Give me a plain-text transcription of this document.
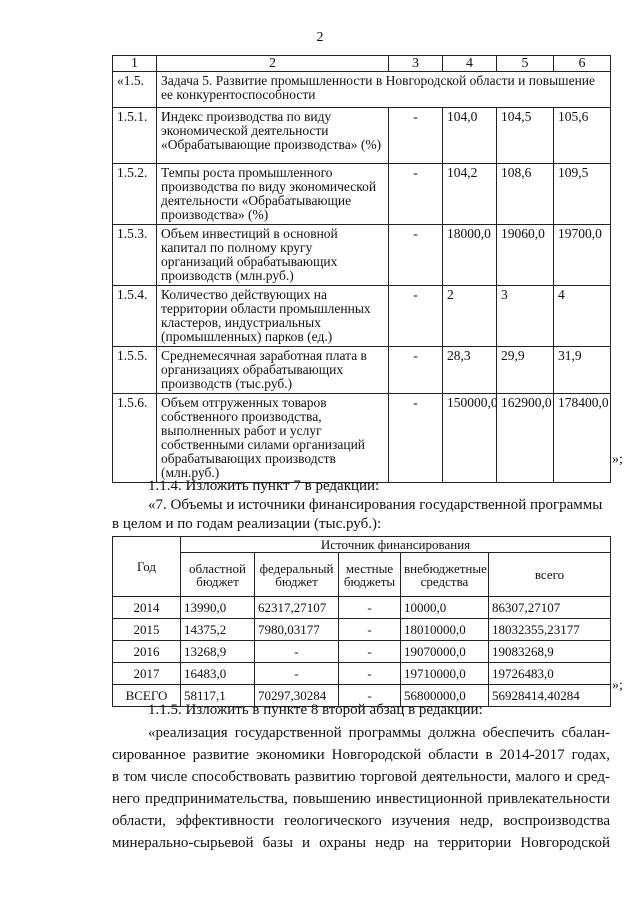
2
1	2	3	4	5	6
«1.5.	Задача 5. Развитие промышленности в Новгородской области и повышение ее конкурентоспособности				
1.5.1.	Индекс производства по виду экономической деятельности «Обрабатывающие производства» (%)	-	104,0	104,5	105,6
1.5.2.	Темпы роста промышленного производства по виду экономической деятельности «Обрабатывающие производства» (%)	-	104,2	108,6	109,5
1.5.3.	Объем инвестиций в основной капитал по полному кругу организаций обрабатывающих производств (млн.руб.)	-	18000,0	19060,0	19700,0
1.5.4.	Количество действующих на территории области промышленных кластеров, индустриальных (промышленных) парков (ед.)	-	2	3	4
1.5.5.	Среднемесячная заработная плата в организациях обрабатывающих производств (тыс.руб.)	-	28,3	29,9	31,9
1.5.6.	Объем отгруженных товаров собственного производства, выполненных работ и услуг собственными силами организаций обрабатывающих производств (млн.руб.)	-	150000,0	162900,0	178400,0
»;

1.1.4. Изложить пункт 7 в редакции:

«7. Объемы и источники финансирования государственной программы

в целом и по годам реализации (тыс.руб.):

Год	Источник финансирования				
	областной бюджет	федеральный бюджет	местные бюджеты	внебюджетные средства	всего
2014	13990,0	62317,27107	-	10000,0	86307,27107
2015	14375,2	7980,03177	-	18010000,0	18032355,23177
2016	13268,9	-	-	19070000,0	19083268,9
2017	16483,0	-	-	19710000,0	19726483,0
ВСЕГО	58117,1	70297,30284	-	56800000,0	56928414,40284
»;

1.1.5. Изложить в пункте 8 второй абзац в редакции:

«реализация государственной программы должна обеспечить сбалан-
сированное развитие экономики Новгородской области в 2014-2017 годах,
в том числе способствовать развитию торговой деятельности, малого и сред-
него предпринимательства, повышению инвестиционной привлекательности
области, эффективности геологического изучения недр, воспроизводства
минерально-сырьевой базы и охраны недр на территории Новгородской
